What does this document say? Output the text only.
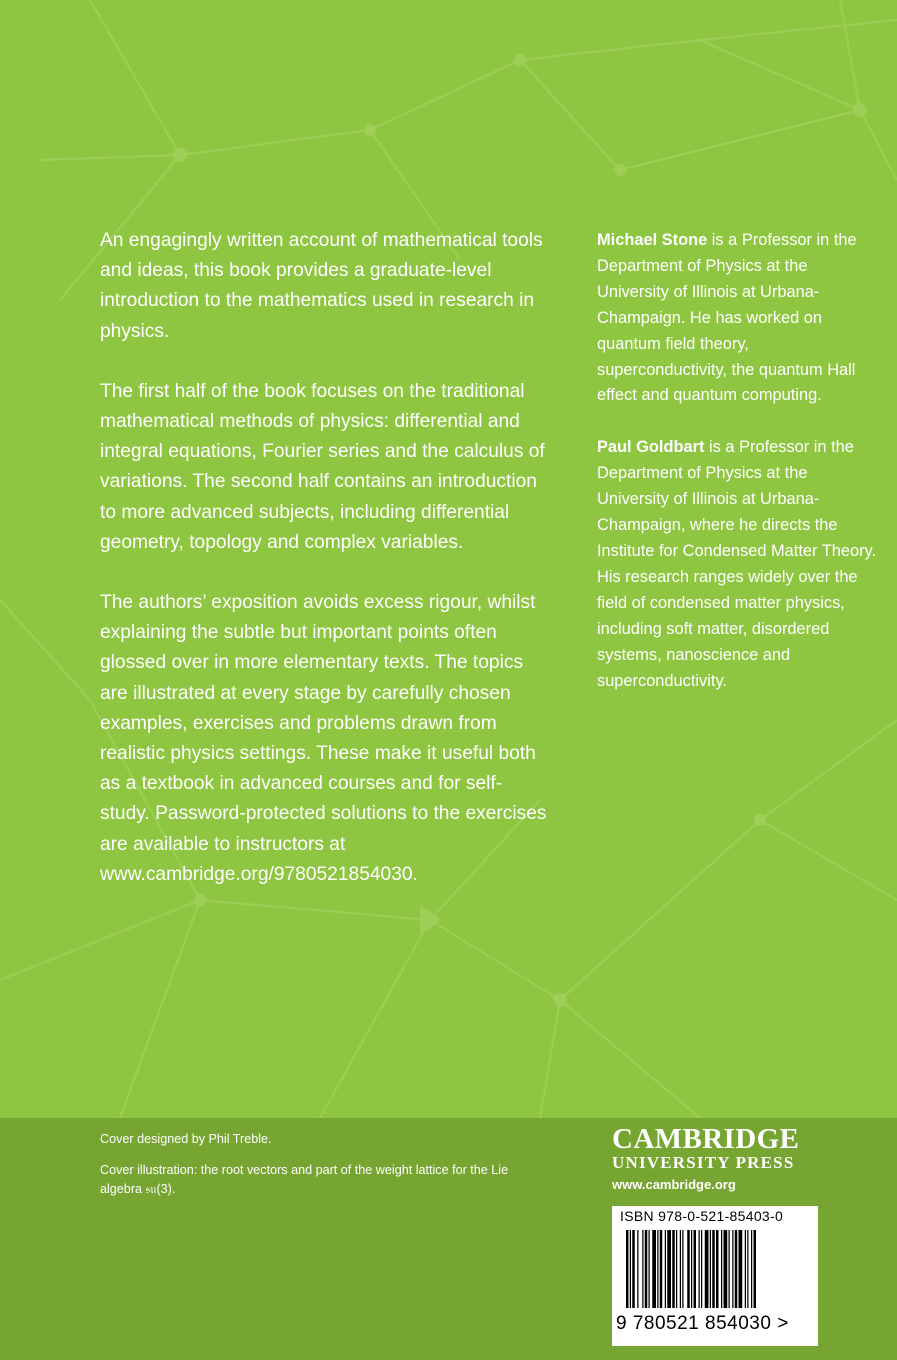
An engagingly written account of mathematical tools and ideas, this book provides a graduate-level introduction to the mathematics used in research in physics.

The first half of the book focuses on the traditional mathematical methods of physics: differential and integral equations, Fourier series and the calculus of variations. The second half contains an introduction to more advanced subjects, including differential geometry, topology and complex variables.

The authors’ exposition avoids excess rigour, whilst explaining the subtle but important points often glossed over in more elementary texts. The topics are illustrated at every stage by carefully chosen examples, exercises and problems drawn from realistic physics settings. These make it useful both as a textbook in advanced courses and for self-study. Password-protected solutions to the exercises are available to instructors at www.cambridge.org/9780521854030.

Michael Stone is a Professor in the Department of Physics at the University of Illinois at Urbana-Champaign. He has worked on quantum field theory, superconductivity, the quantum Hall effect and quantum computing.

Paul Goldbart is a Professor in the Department of Physics at the University of Illinois at Urbana-Champaign, where he directs the Institute for Condensed Matter Theory. His research ranges widely over the field of condensed matter physics, including soft matter, disordered systems, nanoscience and superconductivity.

Cover designed by Phil Treble.

Cover illustration: the root vectors and part of the weight lattice for the Lie algebra 𝔰𝔲(3).

CAMBRIDGE
UNIVERSITY PRESS
www.cambridge.org
ISBN 978-0-521-85403-0
9 780521 854030 >
